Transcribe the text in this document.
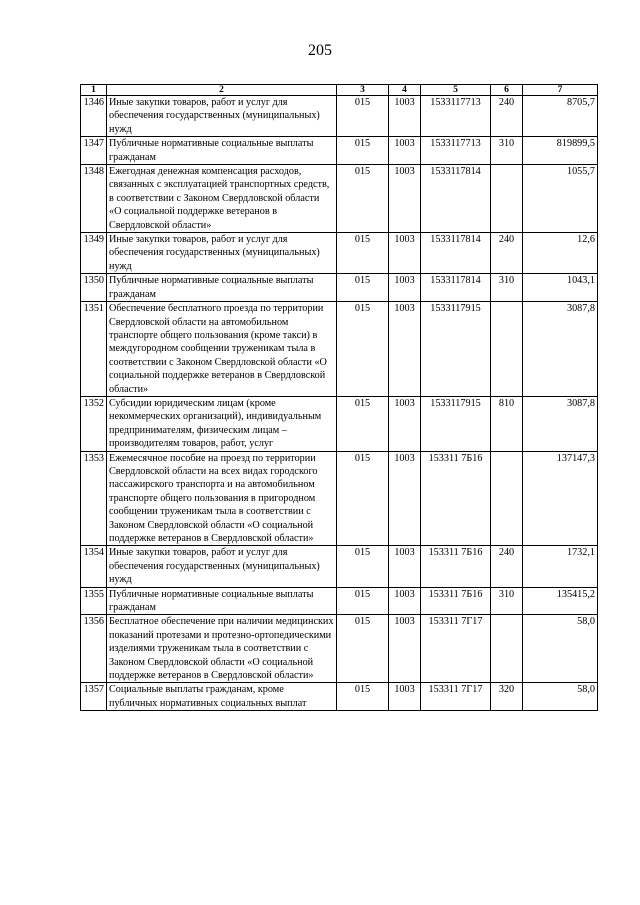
205
1	2	3	4	5	6	7
1346	Иные закупки товаров, работ и услуг для обеспечения государственных (муниципальных) нужд	015	1003	1533117713	240	8705,7
1347	Публичные нормативные социальные выплаты гражданам	015	1003	1533117713	310	819899,5
1348	Ежегодная денежная компенсация расходов, связанных с эксплуатацией транспортных средств, в соответствии с Законом Свердловской области «О социальной поддержке ветеранов в Свердловской области»	015	1003	1533117814		1055,7
1349	Иные закупки товаров, работ и услуг для обеспечения государственных (муниципальных) нужд	015	1003	1533117814	240	12,6
1350	Публичные нормативные социальные выплаты гражданам	015	1003	1533117814	310	1043,1
1351	Обеспечение бесплатного проезда по территории Свердловской области на автомобильном транспорте общего пользования (кроме такси) в междугородном сообщении труженикам тыла в соответствии с Законом Свердловской области «О социальной поддержке ветеранов в Свердловской области»	015	1003	1533117915		3087,8
1352	Субсидии юридическим лицам (кроме некоммерческих организаций), индивидуальным предпринимателям, физическим лицам – производителям товаров, работ, услуг	015	1003	1533117915	810	3087,8
1353	Ежемесячное пособие на проезд по территории Свердловской области на всех видах городского пассажирского транспорта и на автомобильном транспорте общего пользования в пригородном сообщении труженикам тыла в соответствии с Законом Свердловской области «О социальной поддержке ветеранов в Свердловской области»	015	1003	153311 7Б16		137147,3
1354	Иные закупки товаров, работ и услуг для обеспечения государственных (муниципальных) нужд	015	1003	153311 7Б16	240	1732,1
1355	Публичные нормативные социальные выплаты гражданам	015	1003	153311 7Б16	310	135415,2
1356	Бесплатное обеспечение при наличии медицинских показаний протезами и протезно-ортопедическими изделиями труженикам тыла в соответствии с Законом Свердловской области «О социальной поддержке ветеранов в Свердловской области»	015	1003	153311 7Г17		58,0
1357	Социальные выплаты гражданам, кроме публичных нормативных социальных выплат	015	1003	153311 7Г17	320	58,0
